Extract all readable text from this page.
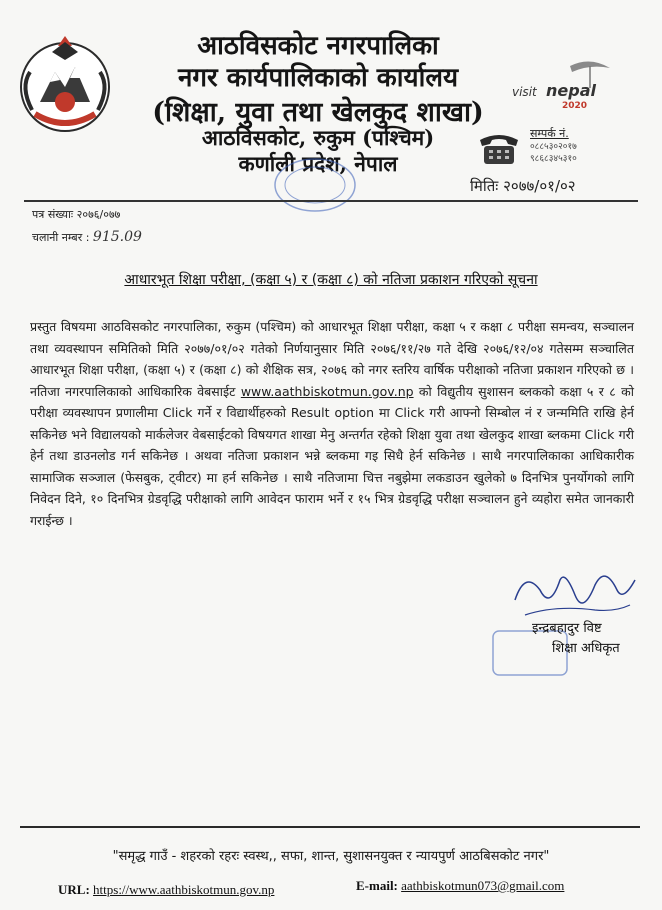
आठविसकोट नगरपालिका
नगर कार्यपालिकाको कार्यालय
(शिक्षा, युवा तथा खेलकुद शाखा)
आठविसकोट, रुकुम (पश्चिम)
कर्णाली प्रदेश, नेपाल
visit nepal
2020
सम्पर्क नं.
०८८५३०२०१७
९८६८३४५३१०
मितिः २०७७/०१/०२
पत्र संख्याः २०७६/०७७
चलानी नम्बर : 915.09
आधारभूत शिक्षा परीक्षा, (कक्षा ५) र (कक्षा ८) को नतिजा प्रकाशन गरिएको सूचना
प्रस्तुत विषयमा आठविसकोट नगरपालिका, रुकुम (पश्चिम) को आधारभूत शिक्षा परीक्षा, कक्षा ५ र कक्षा ८ परीक्षा समन्वय, सञ्चालन तथा व्यवस्थापन समितिको मिति २०७७/०१/०२ गतेको निर्णयानुसार मिति २०७६/११/२७ गते देखि २०७६/१२/०४ गतेसम्म सञ्चालित आधारभूत शिक्षा परीक्षा, (कक्षा ५) र (कक्षा ८) को शैक्षिक सत्र, २०७६ को नगर स्तरिय वार्षिक परीक्षाको नतिजा प्रकाशन गरिएको छ । नतिजा नगरपालिकाको आधिकारिक वेबसाईट www.aathbiskotmun.gov.np को विद्युतीय सुशासन ब्लकको कक्षा ५ र ८ को परीक्षा व्यवस्थापन प्रणालीमा Click गर्ने र विद्यार्थीहरुको Result option मा Click गरी आफ्नो सिम्बोल नं र जन्ममिति राखि हेर्न सकिनेछ भने विद्यालयको मार्कलेजर वेबसाईटको विषयगत शाखा मेनु अन्तर्गत रहेको शिक्षा युवा तथा खेलकुद शाखा ब्लकमा Click गरी हेर्न तथा डाउनलोड गर्न सकिनेछ । अथवा नतिजा प्रकाशन भन्ने ब्लकमा गइ सिधै हेर्न सकिनेछ । साथै नगरपालिकाका आधिकारीक सामाजिक सञ्जाल (फेसबुक, ट्वीटर) मा हर्न सकिनेछ । साथै नतिजामा चित्त नबुझेमा लकडाउन खुलेको ७ दिनभित्र पुनर्योगको लागि निवेदन दिने, १० दिनभित्र ग्रेडवृद्धि परीक्षाको लागि आवेदन फाराम भर्ने र १५ भित्र ग्रेडवृद्धि परीक्षा सञ्चालन हुने व्यहोरा समेत जानकारी गराईन्छ ।
इन्द्रबहादुर विष्ट
शिक्षा अधिकृत
"समृद्ध गाउँ - शहरको रहरः स्वस्थ,, सफा, शान्त, सुशासनयुक्त र न्यायपुर्ण आठबिसकोट नगर"
URL: https://www.aathbiskotmun.gov.np	E-mail: aathbiskotmun073@gmail.com
